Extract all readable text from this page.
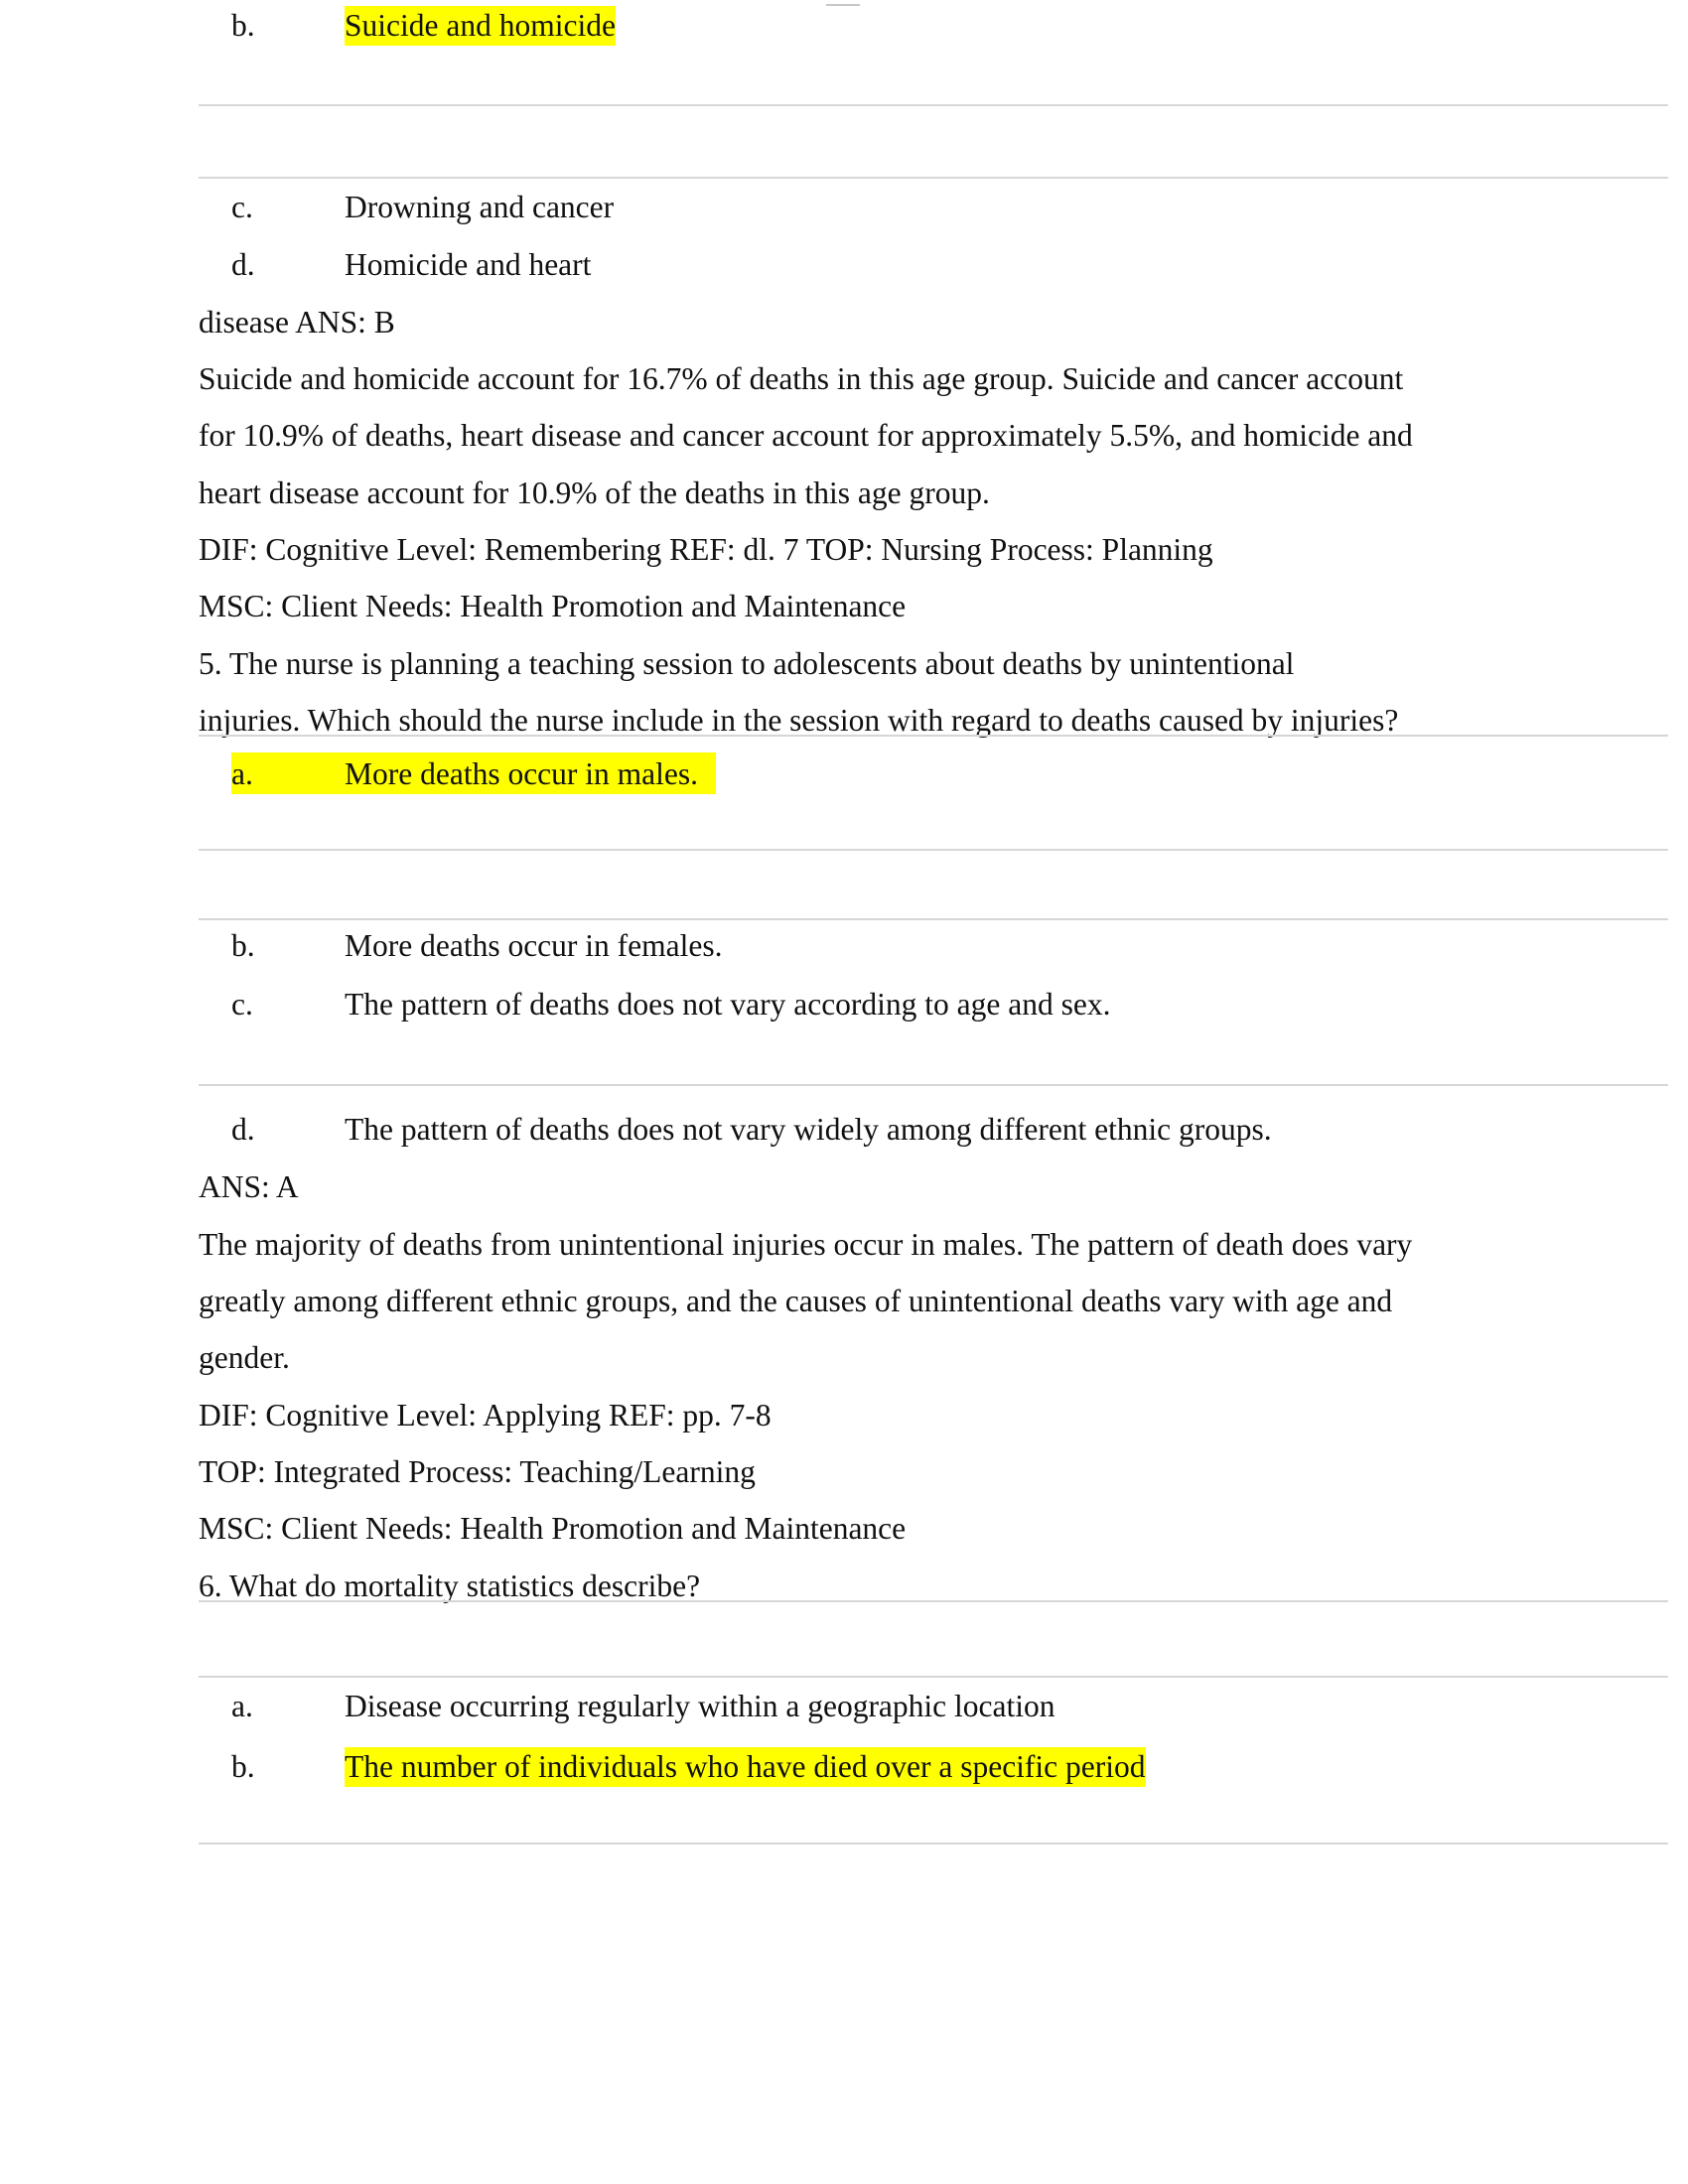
b.	Suicide and homicide
c.	Drowning and cancer
d.	Homicide and heart
disease ANS: B
Suicide and homicide account for 16.7% of deaths in this age group. Suicide and cancer account
for 10.9% of deaths, heart disease and cancer account for approximately 5.5%, and homicide and
heart disease account for 10.9% of the deaths in this age group.
DIF: Cognitive Level: Remembering REF: dl. 7 TOP: Nursing Process: Planning
MSC: Client Needs: Health Promotion and Maintenance
5. The nurse is planning a teaching session to adolescents about deaths by unintentional
injuries. Which should the nurse include in the session with regard to deaths caused by injuries?
a.	More deaths occur in males.
b.	More deaths occur in females.
c.	The pattern of deaths does not vary according to age and sex.
d.	The pattern of deaths does not vary widely among different ethnic groups.
ANS: A
The majority of deaths from unintentional injuries occur in males. The pattern of death does vary
greatly among different ethnic groups, and the causes of unintentional deaths vary with age and
gender.
DIF: Cognitive Level: Applying REF: pp. 7-8
TOP: Integrated Process: Teaching/Learning
MSC: Client Needs: Health Promotion and Maintenance
6. What do mortality statistics describe?
a.	Disease occurring regularly within a geographic location
b.	The number of individuals who have died over a specific period
